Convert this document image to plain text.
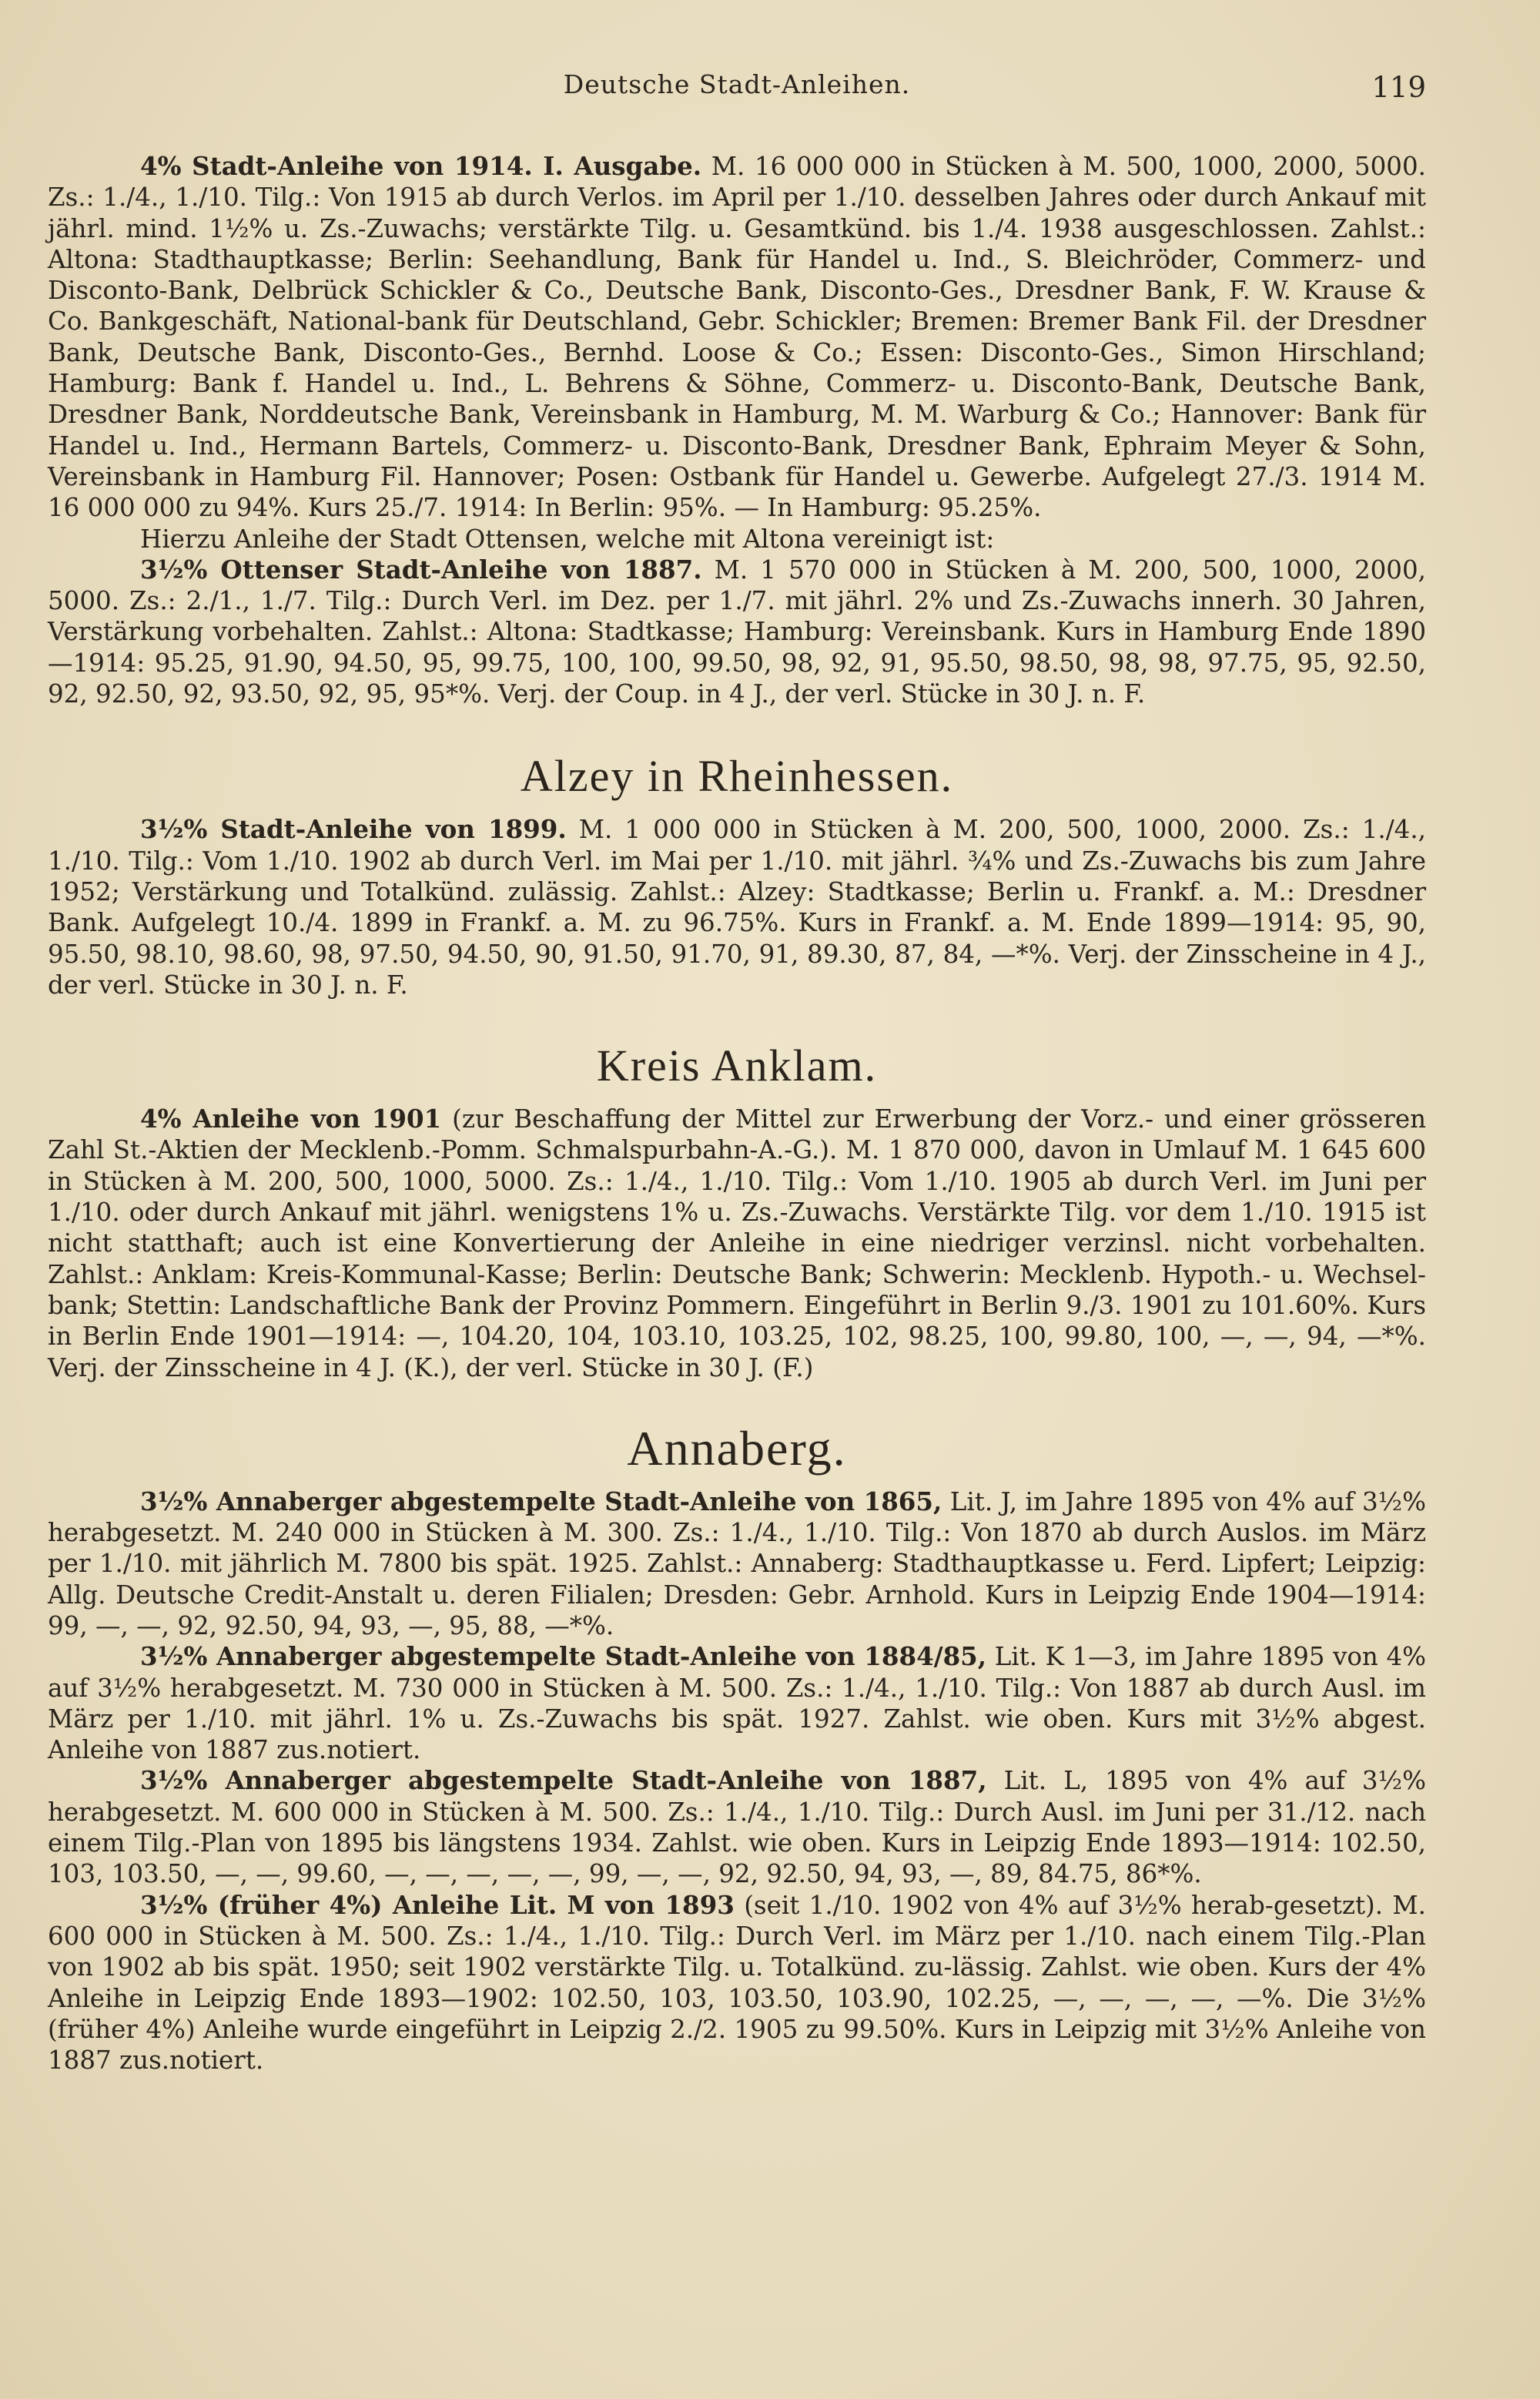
Deutsche Stadt-Anleihen.	119

4% Stadt-Anleihe von 1914. I. Ausgabe. M. 16 000 000 in Stücken à M. 500, 1000, 2000, 5000. Zs.: 1./4., 1./10. Tilg.: Von 1915 ab durch Verlos. im April per 1./10. desselben Jahres oder durch Ankauf mit jährl. mind. 1½% u. Zs.-Zuwachs; verstärkte Tilg. u. Gesamtkünd. bis 1./4. 1938 ausgeschlossen. Zahlst.: Altona: Stadthauptkasse; Berlin: Seehandlung, Bank für Handel u. Ind., S. Bleichröder, Commerz- und Disconto-Bank, Delbrück Schickler & Co., Deutsche Bank, Disconto-Ges., Dresdner Bank, F. W. Krause & Co. Bankgeschäft, National-bank für Deutschland, Gebr. Schickler; Bremen: Bremer Bank Fil. der Dresdner Bank, Deutsche Bank, Disconto-Ges., Bernhd. Loose & Co.; Essen: Disconto-Ges., Simon Hirschland; Hamburg: Bank f. Handel u. Ind., L. Behrens & Söhne, Commerz- u. Disconto-Bank, Deutsche Bank, Dresdner Bank, Norddeutsche Bank, Vereinsbank in Hamburg, M. M. Warburg & Co.; Hannover: Bank für Handel u. Ind., Hermann Bartels, Commerz- u. Disconto-Bank, Dresdner Bank, Ephraim Meyer & Sohn, Vereinsbank in Hamburg Fil. Hannover; Posen: Ostbank für Handel u. Gewerbe. Aufgelegt 27./3. 1914 M. 16 000 000 zu 94%. Kurs 25./7. 1914: In Berlin: 95%. — In Hamburg: 95.25%.

Hierzu Anleihe der Stadt Ottensen, welche mit Altona vereinigt ist:

3½% Ottenser Stadt-Anleihe von 1887. M. 1 570 000 in Stücken à M. 200, 500, 1000, 2000, 5000. Zs.: 2./1., 1./7. Tilg.: Durch Verl. im Dez. per 1./7. mit jährl. 2% und Zs.-Zuwachs innerh. 30 Jahren, Verstärkung vorbehalten. Zahlst.: Altona: Stadtkasse; Hamburg: Vereinsbank. Kurs in Hamburg Ende 1890—1914: 95.25, 91.90, 94.50, 95, 99.75, 100, 100, 99.50, 98, 92, 91, 95.50, 98.50, 98, 98, 97.75, 95, 92.50, 92, 92.50, 92, 93.50, 92, 95, 95*%. Verj. der Coup. in 4 J., der verl. Stücke in 30 J. n. F.

Alzey in Rheinhessen.

3½% Stadt-Anleihe von 1899. M. 1 000 000 in Stücken à M. 200, 500, 1000, 2000. Zs.: 1./4., 1./10. Tilg.: Vom 1./10. 1902 ab durch Verl. im Mai per 1./10. mit jährl. ¾% und Zs.-Zuwachs bis zum Jahre 1952; Verstärkung und Totalkünd. zulässig. Zahlst.: Alzey: Stadtkasse; Berlin u. Frankf. a. M.: Dresdner Bank. Aufgelegt 10./4. 1899 in Frankf. a. M. zu 96.75%. Kurs in Frankf. a. M. Ende 1899—1914: 95, 90, 95.50, 98.10, 98.60, 98, 97.50, 94.50, 90, 91.50, 91.70, 91, 89.30, 87, 84, —*%. Verj. der Zinsscheine in 4 J., der verl. Stücke in 30 J. n. F.

Kreis Anklam.

4% Anleihe von 1901 (zur Beschaffung der Mittel zur Erwerbung der Vorz.- und einer grösseren Zahl St.-Aktien der Mecklenb.-Pomm. Schmalspurbahn-A.-G.). M. 1 870 000, davon in Umlauf M. 1 645 600 in Stücken à M. 200, 500, 1000, 5000. Zs.: 1./4., 1./10. Tilg.: Vom 1./10. 1905 ab durch Verl. im Juni per 1./10. oder durch Ankauf mit jährl. wenigstens 1% u. Zs.-Zuwachs. Verstärkte Tilg. vor dem 1./10. 1915 ist nicht statthaft; auch ist eine Konvertierung der Anleihe in eine niedriger verzinsl. nicht vorbehalten. Zahlst.: Anklam: Kreis-Kommunal-Kasse; Berlin: Deutsche Bank; Schwerin: Mecklenb. Hypoth.- u. Wechsel-bank; Stettin: Landschaftliche Bank der Provinz Pommern. Eingeführt in Berlin 9./3. 1901 zu 101.60%. Kurs in Berlin Ende 1901—1914: —, 104.20, 104, 103.10, 103.25, 102, 98.25, 100, 99.80, 100, —, —, 94, —*%. Verj. der Zinsscheine in 4 J. (K.), der verl. Stücke in 30 J. (F.)

Annaberg.

3½% Annaberger abgestempelte Stadt-Anleihe von 1865, Lit. J, im Jahre 1895 von 4% auf 3½% herabgesetzt. M. 240 000 in Stücken à M. 300. Zs.: 1./4., 1./10. Tilg.: Von 1870 ab durch Auslos. im März per 1./10. mit jährlich M. 7800 bis spät. 1925. Zahlst.: Annaberg: Stadthauptkasse u. Ferd. Lipfert; Leipzig: Allg. Deutsche Credit-Anstalt u. deren Filialen; Dresden: Gebr. Arnhold. Kurs in Leipzig Ende 1904—1914: 99, —, —, 92, 92.50, 94, 93, —, 95, 88, —*%.

3½% Annaberger abgestempelte Stadt-Anleihe von 1884/85, Lit. K 1—3, im Jahre 1895 von 4% auf 3½% herabgesetzt. M. 730 000 in Stücken à M. 500. Zs.: 1./4., 1./10. Tilg.: Von 1887 ab durch Ausl. im März per 1./10. mit jährl. 1% u. Zs.-Zuwachs bis spät. 1927. Zahlst. wie oben. Kurs mit 3½% abgest. Anleihe von 1887 zus.notiert.

3½% Annaberger abgestempelte Stadt-Anleihe von 1887, Lit. L, 1895 von 4% auf 3½% herabgesetzt. M. 600 000 in Stücken à M. 500. Zs.: 1./4., 1./10. Tilg.: Durch Ausl. im Juni per 31./12. nach einem Tilg.-Plan von 1895 bis längstens 1934. Zahlst. wie oben. Kurs in Leipzig Ende 1893—1914: 102.50, 103, 103.50, —, —, 99.60, —, —, —, —, —, 99, —, —, 92, 92.50, 94, 93, —, 89, 84.75, 86*%.

3½% (früher 4%) Anleihe Lit. M von 1893 (seit 1./10. 1902 von 4% auf 3½% herab-gesetzt). M. 600 000 in Stücken à M. 500. Zs.: 1./4., 1./10. Tilg.: Durch Verl. im März per 1./10. nach einem Tilg.-Plan von 1902 ab bis spät. 1950; seit 1902 verstärkte Tilg. u. Totalkünd. zu-lässig. Zahlst. wie oben. Kurs der 4% Anleihe in Leipzig Ende 1893—1902: 102.50, 103, 103.50, 103.90, 102.25, —, —, —, —, —%. Die 3½% (früher 4%) Anleihe wurde eingeführt in Leipzig 2./2. 1905 zu 99.50%. Kurs in Leipzig mit 3½% Anleihe von 1887 zus.notiert.
